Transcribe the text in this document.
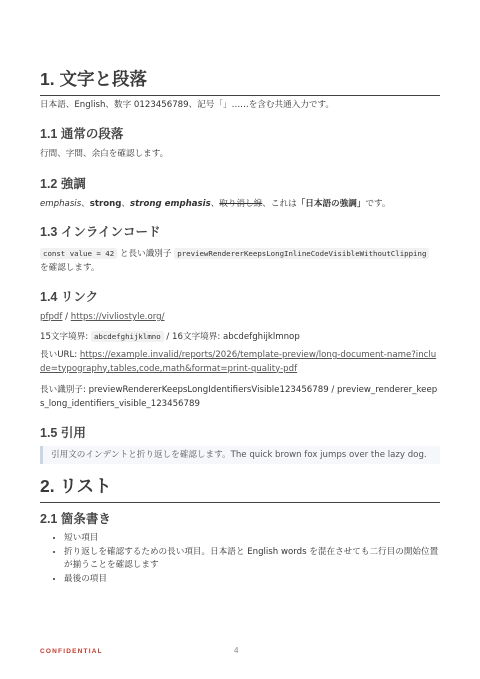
1. 文字と段落
日本語、English、数字 0123456789、記号「」……を含む共通入力です。
1.1 通常の段落
行間、字間、余白を確認します。
1.2 強調
emphasis、strong、strong emphasis、取り消し線、これは「日本語の強調」です。
1.3 インラインコード
const value = 42 と長い識別子 previewRendererKeepsLongInlineCodeVisibleWithoutClipping
を確認します。
1.4 リンク
pfpdf / https://vivliostyle.org/
15文字境界: abcdefghijklmno / 16文字境界: abcdefghijklmnop
長いURL: https://example.invalid/reports/2026/template-preview/long-document-name?include=typography,tables,code,math&format=print-quality-pdf
長い識別子: previewRendererKeepsLongIdentifiersVisible123456789 / preview_renderer_keeps_long_identifiers_visible_123456789
1.5 引用
引用文のインデントと折り返しを確認します。The quick brown fox jumps over the lazy dog.
2. リスト
2.1 箇条書き
• 短い項目
• 折り返しを確認するための長い項目。日本語と English words を混在させても二行目の開始位置が揃うことを確認します
• 最後の項目
CONFIDENTIAL	4
